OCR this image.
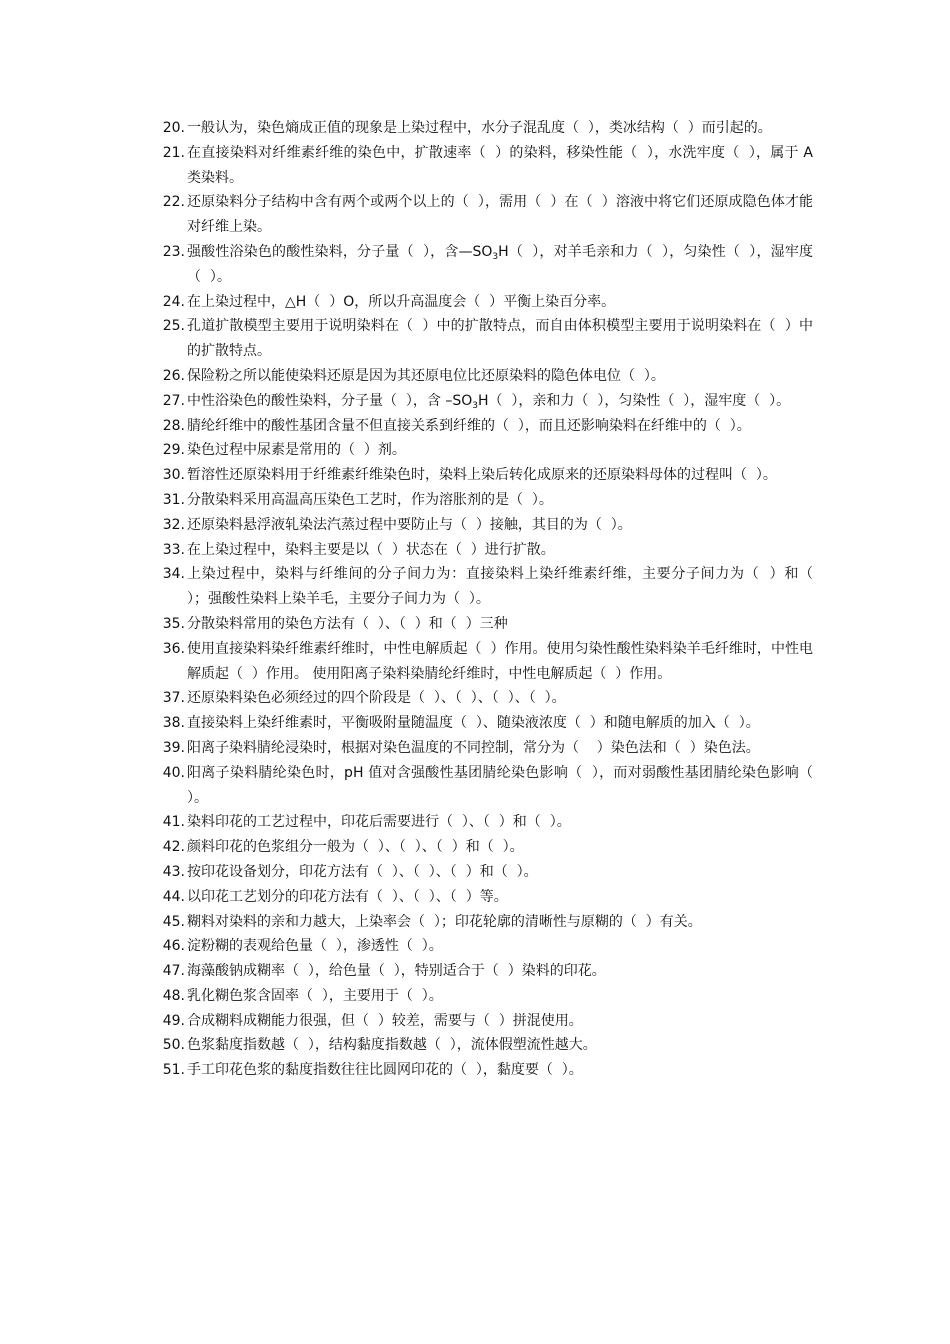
20. 一般认为，染色熵成正值的现象是上染过程中，水分子混乱度（  ），类冰结构（  ）而引起的。
21. 在直接染料对纤维素纤维的染色中，扩散速率（  ）的染料，移染性能（  ），水洗牢度（  ），属于 A 类染料。
22. 还原染料分子结构中含有两个或两个以上的（  ），需用（  ）在（  ）溶液中将它们还原成隐色体才能对纤维上染。
23. 强酸性浴染色的酸性染料，分子量（  ），含$—SO_3H$（  ），对羊毛亲和力（  ），匀染性（  ），湿牢度（  ）。
24. 在上染过程中，△H（  ）O，所以升高温度会（  ）平衡上染百分率。
25. 孔道扩散模型主要用于说明染料在（  ）中的扩散特点，而自由体积模型主要用于说明染料在（  ）中的扩散特点。
26. 保险粉之所以能使染料还原是因为其还原电位比还原染料的隐色体电位（  ）。
27. 中性浴染色的酸性染料，分子量（  ），含 $-SO_3H$（  ），亲和力（  ），匀染性（  ），湿牢度（  ）。
28. 腈纶纤维中的酸性基团含量不但直接关系到纤维的（  ），而且还影响染料在纤维中的（  ）。
29. 染色过程中尿素是常用的（  ）剂。
30. 暂溶性还原染料用于纤维素纤维染色时，染料上染后转化成原来的还原染料母体的过程叫（  ）。
31. 分散染料采用高温高压染色工艺时，作为溶胀剂的是（  ）。
32. 还原染料悬浮液轧染法汽蒸过程中要防止与（  ）接触，其目的为（  ）。
33. 在上染过程中，染料主要是以（  ）状态在（  ）进行扩散。
34. 上染过程中，染料与纤维间的分子间力为：直接染料上染纤维素纤维，主要分子间力为（  ）和（  ）；强酸性染料上染羊毛，主要分子间力为（  ）。
35. 分散染料常用的染色方法有（  ）、（  ）和（  ）三种
36. 使用直接染料染纤维素纤维时，中性电解质起（  ）作用。使用匀染性酸性染料染羊毛纤维时，中性电解质起（  ）作用。 使用阳离子染料染腈纶纤维时，中性电解质起（  ）作用。
37. 还原染料染色必须经过的四个阶段是（  ）、（  ）、（  ）、（  ）。
38. 直接染料上染纤维素时，平衡吸附量随温度（  ）、随染液浓度（  ）和随电解质的加入（  ）。
39. 阳离子染料腈纶浸染时，根据对染色温度的不同控制，常分为（    ）染色法和（  ）染色法。
40. 阳离子染料腈纶染色时，pH 值对含强酸性基团腈纶染色影响（  ），而对弱酸性基团腈纶染色影响（  ）。
41. 染料印花的工艺过程中，印花后需要进行（  ）、（  ）和（  ）。
42. 颜料印花的色浆组分一般为（  ）、（  ）、（  ）和（  ）。
43. 按印花设备划分，印花方法有（  ）、（  ）、（  ）和（  ）。
44. 以印花工艺划分的印花方法有（  ）、（  ）、（  ）等。
45. 糊料对染料的亲和力越大，上染率会（  ）；印花轮廓的清晰性与原糊的（  ）有关。
46. 淀粉糊的表观给色量（  ），渗透性（  ）。
47. 海藻酸钠成糊率（  ），给色量（  ），特别适合于（  ）染料的印花。
48. 乳化糊色浆含固率（  ），主要用于（  ）。
49. 合成糊料成糊能力很强，但（  ）较差，需要与（  ）拼混使用。
50. 色浆黏度指数越（  ），结构黏度指数越（  ），流体假塑流性越大。
51. 手工印花色浆的黏度指数往往比圆网印花的（  ），黏度要（  ）。
